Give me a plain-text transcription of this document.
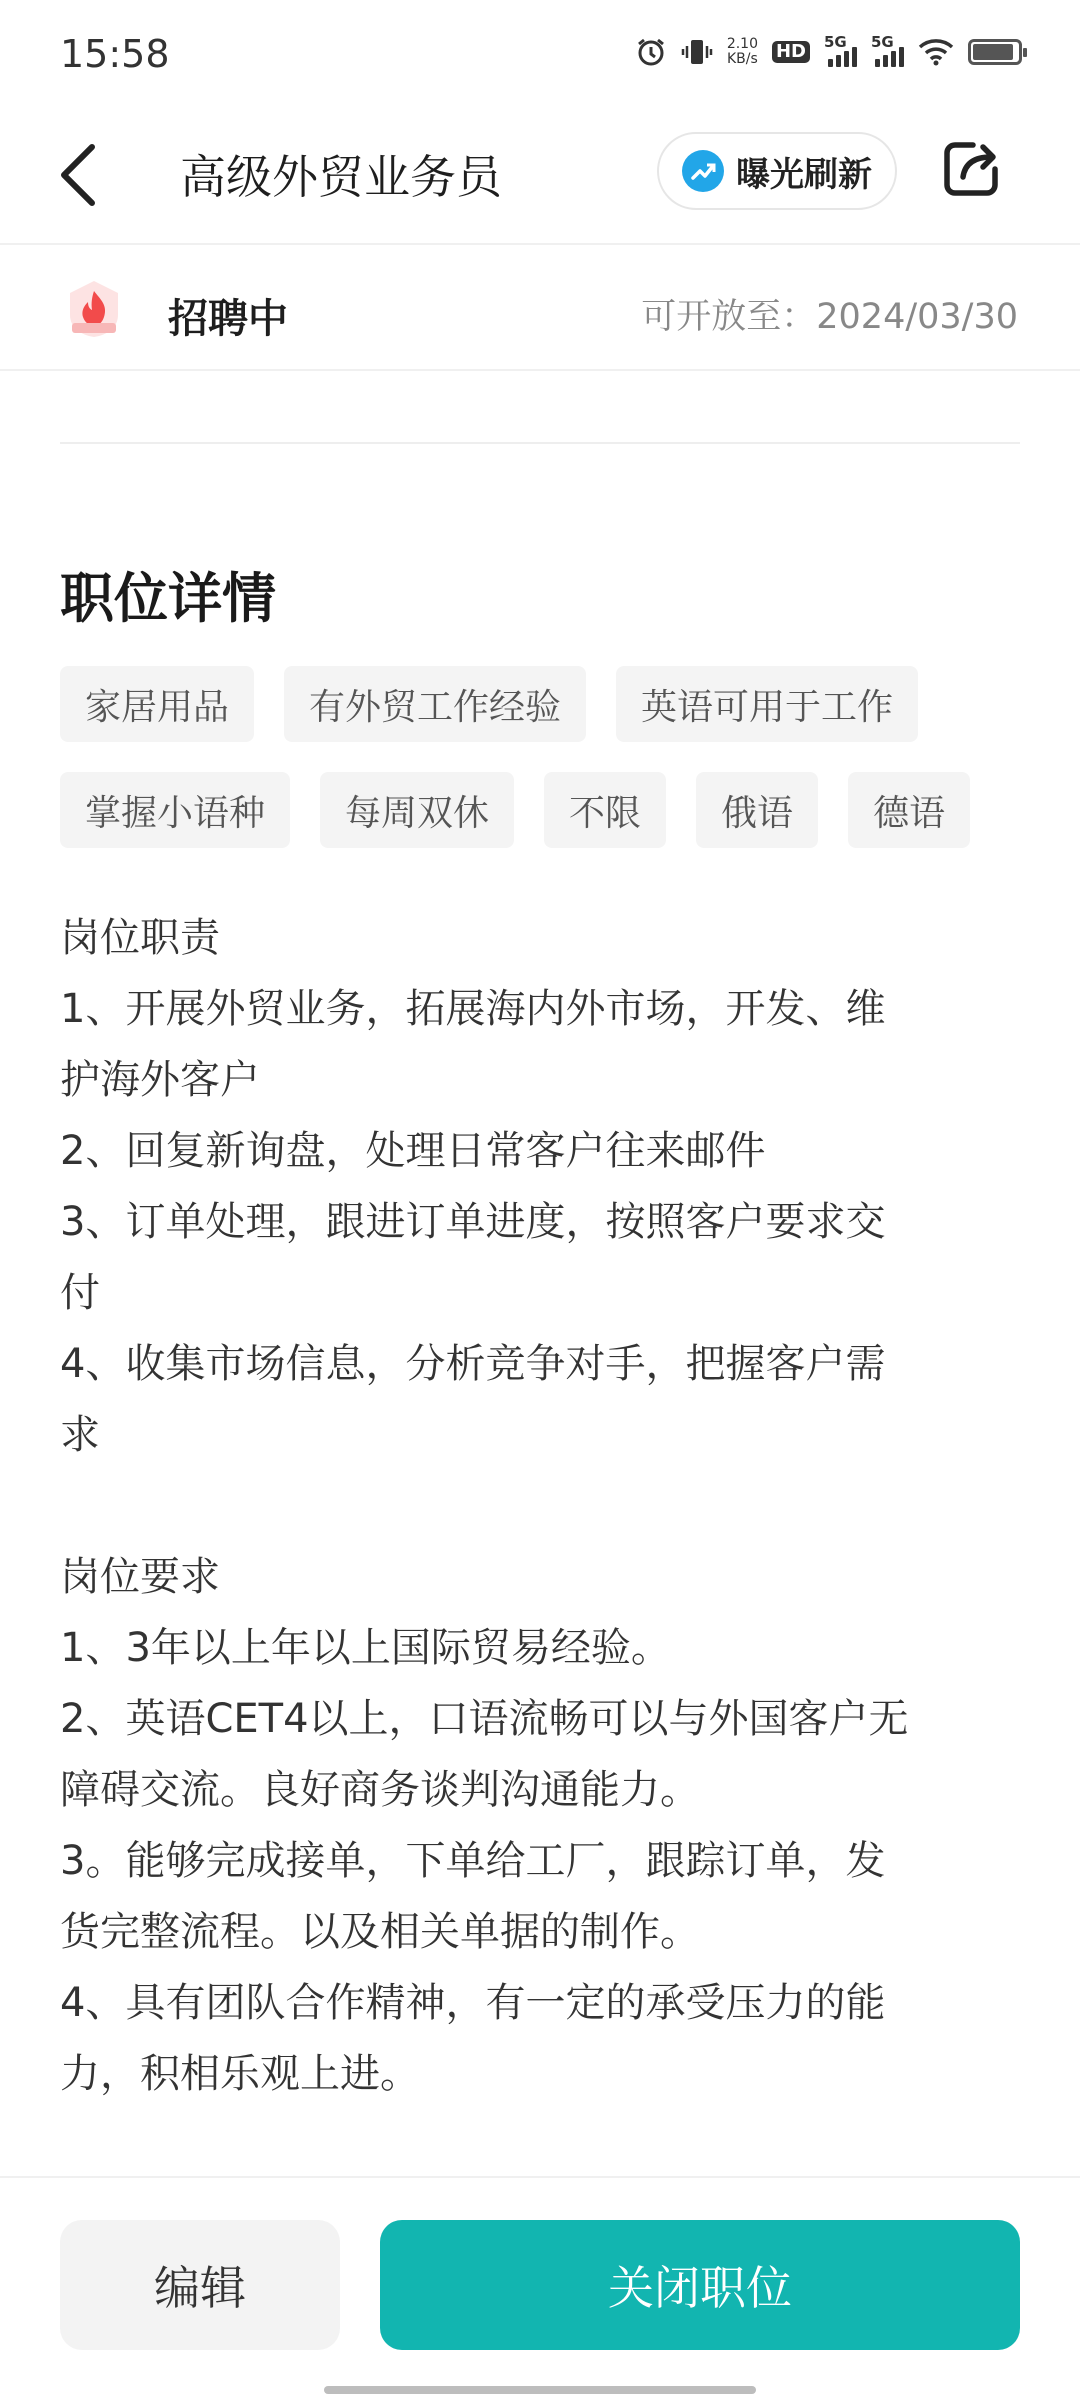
15:58	2.10
KB/s HD 5G 5G
高级外贸业务员	曝光刷新
招聘中	可开放至：2024/03/30
职位详情
家居用品	有外贸工作经验	英语可用于工作
掌握小语种	每周双休	不限	俄语	德语
岗位职责
1、开展外贸业务，拓展海内外市场，开发、维
护海外客户
2、回复新询盘，处理日常客户往来邮件
3、订单处理，跟进订单进度，按照客户要求交
付
4、收集市场信息，分析竞争对手，把握客户需
求
岗位要求
1、3年以上年以上国际贸易经验。
2、英语CET4以上，口语流畅可以与外国客户无
障碍交流。良好商务谈判沟通能力。
3。能够完成接单，下单给工厂，跟踪订单，发
货完整流程。以及相关单据的制作。
4、具有团队合作精神，有一定的承受压力的能
力，积相乐观上进。
编辑	关闭职位
